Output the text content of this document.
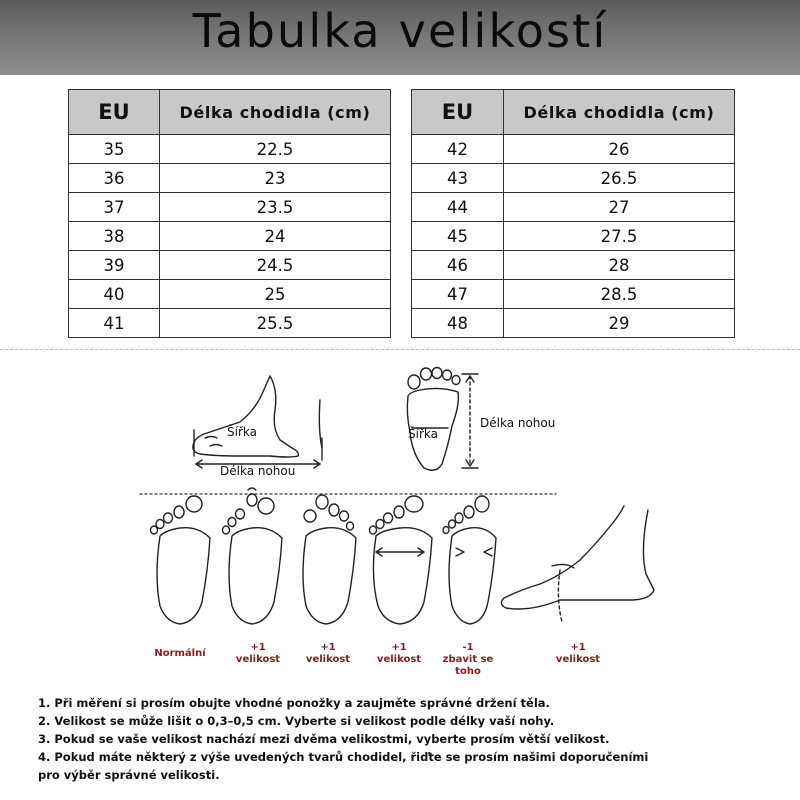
Tabulka velikostí
EU	Délka chodidla (cm)
35	22.5
36	23
37	23.5
38	24
39	24.5
40	25
41	25.5
EU	Délka chodidla (cm)
42	26
43	26.5
44	27
45	27.5
46	28
47	28.5
48	29
Šířka
Délka nohou
Šířka
Délka nohou
Normální
+1
velikost
+1
velikost
+1
velikost
-1
zbavit se
toho
+1
velikost

1. Při měření si prosím obujte vhodné ponožky a zaujměte správné držení těla.

2. Velikost se může lišit o 0,3–0,5 cm. Vyberte si velikost podle délky vaší nohy.

3. Pokud se vaše velikost nachází mezi dvěma velikostmi, vyberte prosím větší velikost.

4. Pokud máte některý z výše uvedených tvarů chodidel, řiďte se prosím našimi doporučeními

pro výběr správné velikosti.
